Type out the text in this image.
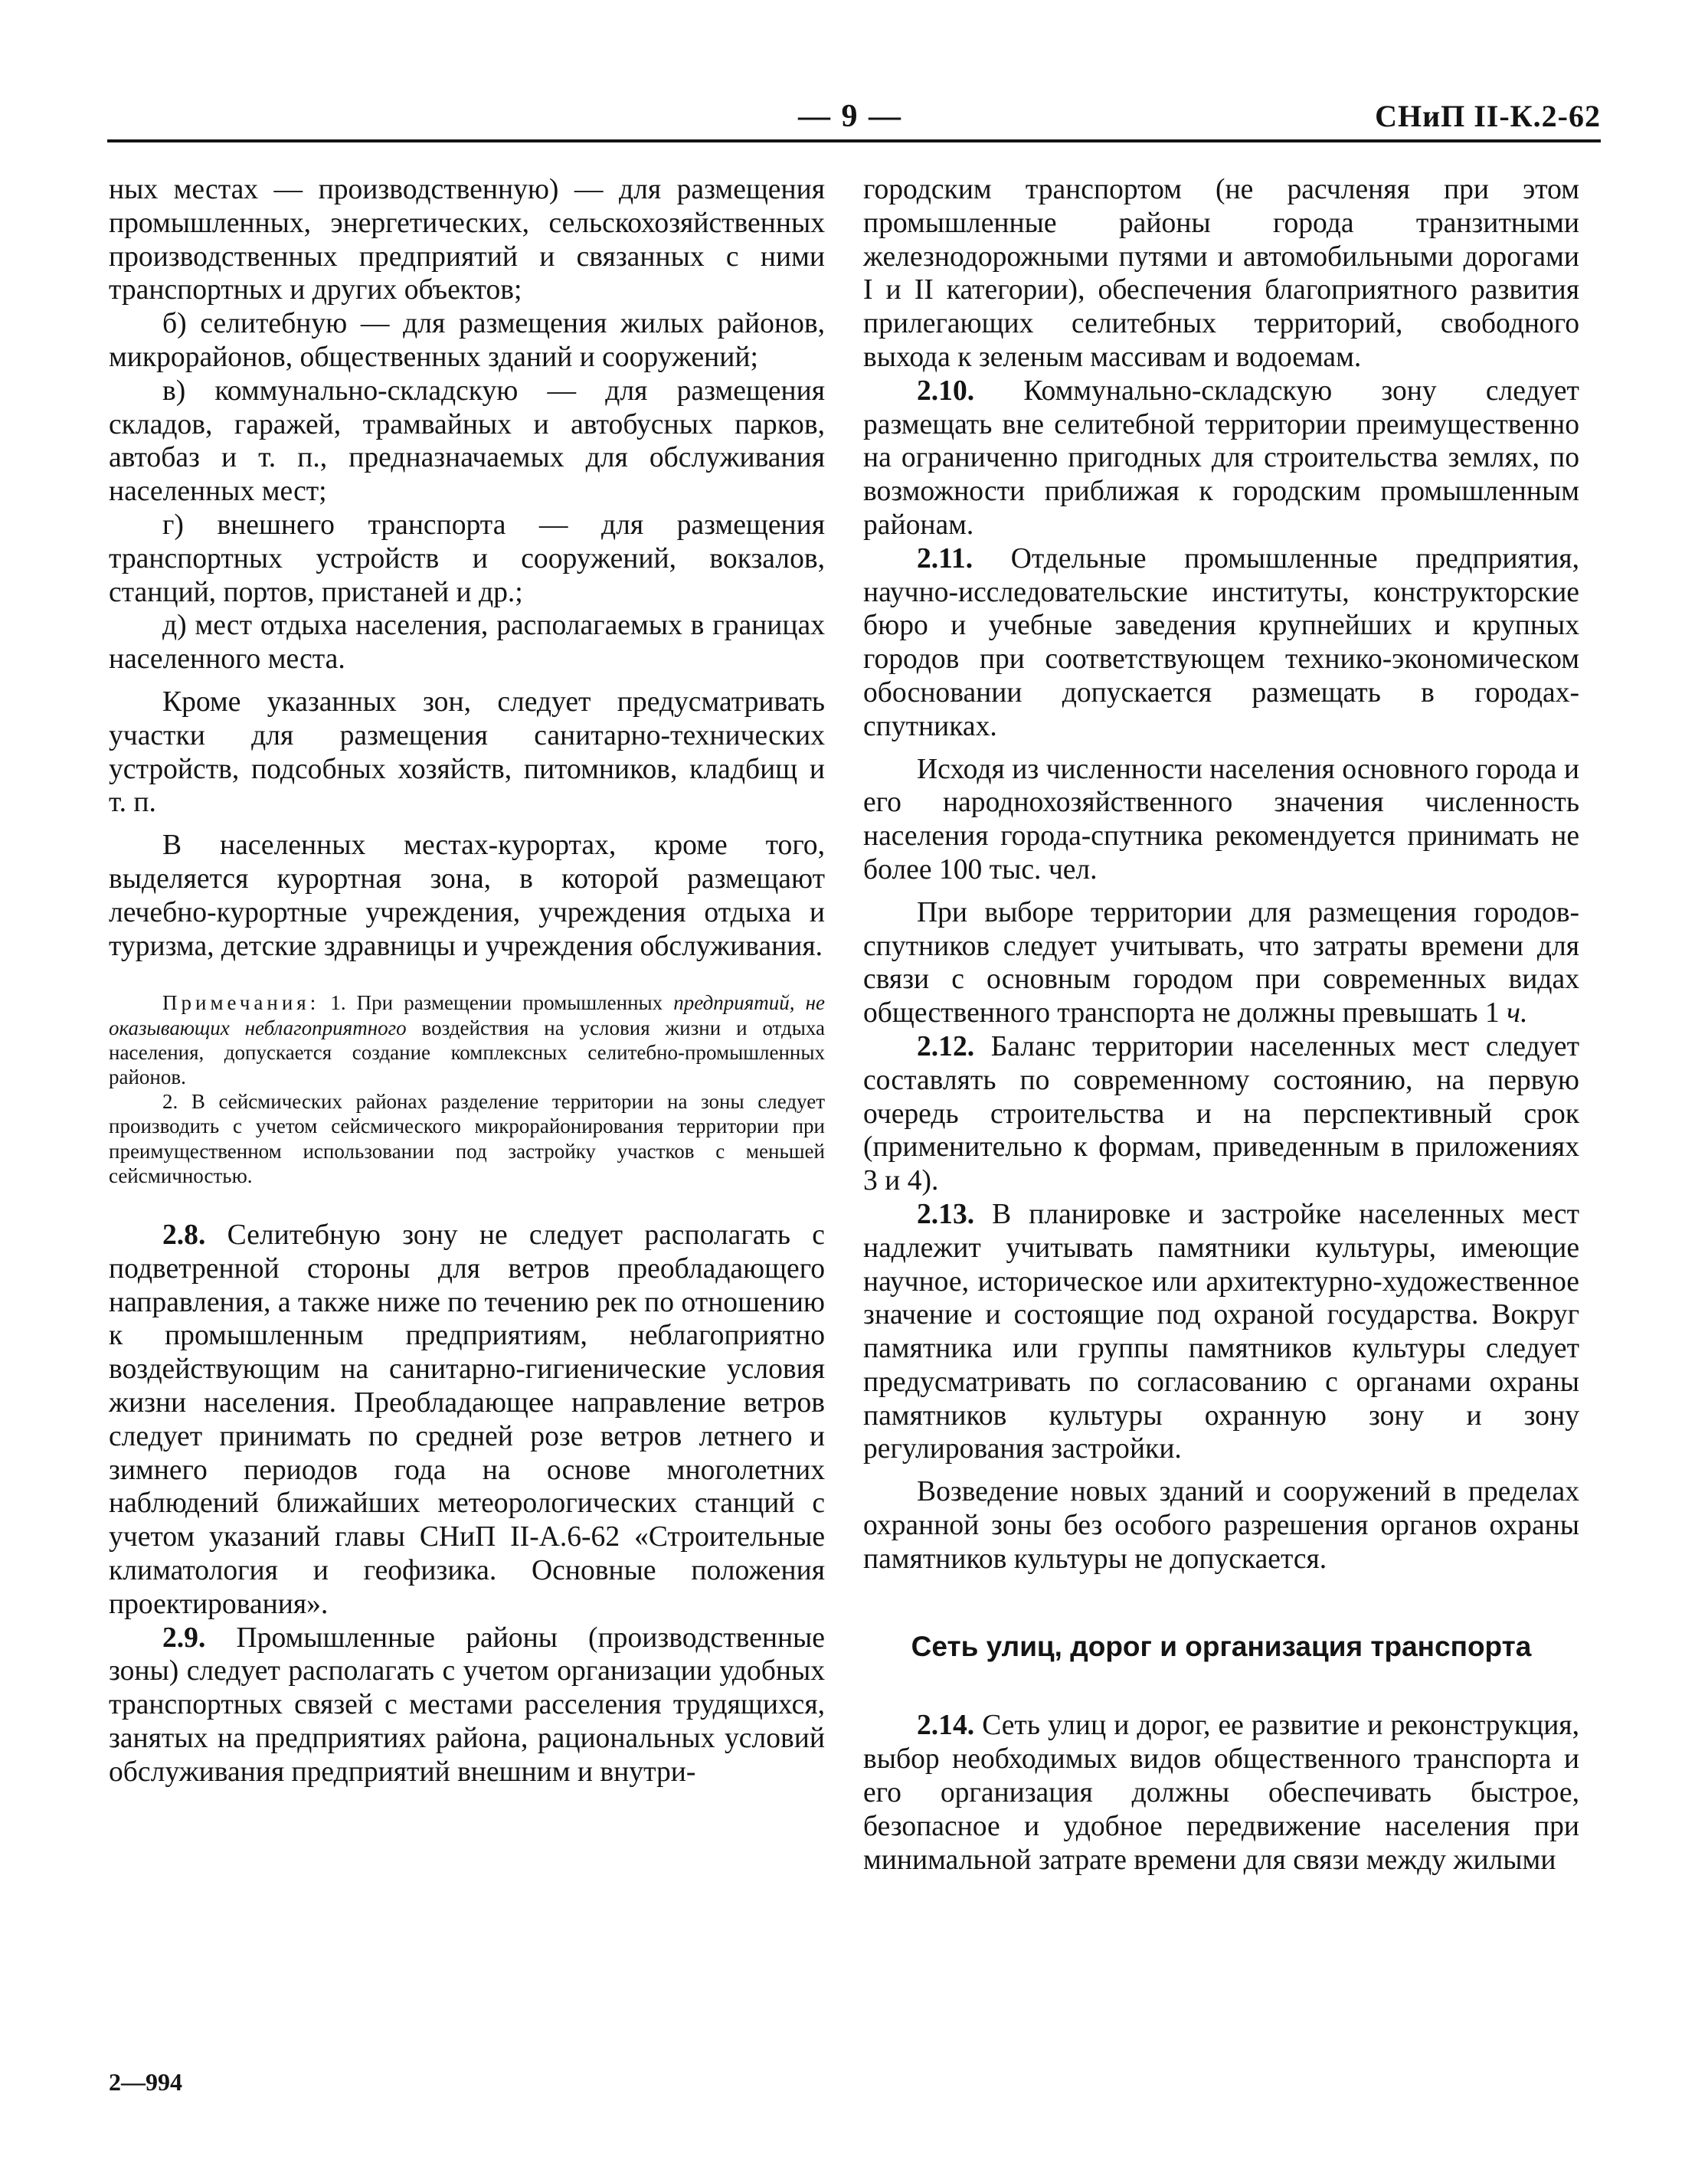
— 9 —	СНиП II-К.2-62

ных местах — производственную) — для размещения промышленных, энергетических, сельскохозяйственных производственных предприятий и связанных с ними транспортных и других объектов;

б) селитебную — для размещения жилых районов, микрорайонов, общественных зданий и сооружений;

в) коммунально-складскую — для размещения складов, гаражей, трамвайных и автобусных парков, автобаз и т. п., предназначаемых для обслуживания населенных мест;

г) внешнего транспорта — для размещения транспортных устройств и сооружений, вокзалов, станций, портов, пристаней и др.;

д) мест отдыха населения, располагаемых в границах населенного места.

Кроме указанных зон, следует предусматривать участки для размещения санитарно-технических устройств, подсобных хозяйств, питомников, кладбищ и т. п.

В населенных местах-курортах, кроме того, выделяется курортная зона, в которой размещают лечебно-курортные учреждения, учреждения отдыха и туризма, детские здравницы и учреждения обслуживания.

Примечания: 1. При размещении промышленных предприятий, не оказывающих неблагоприятного воздействия на условия жизни и отдыха населения, допускается создание комплексных селитебно-промышленных районов.

2. В сейсмических районах разделение территории на зоны следует производить с учетом сейсмического микрорайонирования территории при преимущественном использовании под застройку участков с меньшей сейсмичностью.

2.8. Селитебную зону не следует располагать с подветренной стороны для ветров преобладающего направления, а также ниже по течению рек по отношению к промышленным предприятиям, неблагоприятно воздействующим на санитарно-гигиенические условия жизни населения. Преобладающее направление ветров следует принимать по средней розе ветров летнего и зимнего периодов года на основе многолетних наблюдений ближайших метеорологических станций с учетом указаний главы СНиП II-А.6-62 «Строительные климатология и геофизика. Основные положения проектирования».

2.9. Промышленные районы (производственные зоны) следует располагать с учетом организации удобных транспортных связей с местами расселения трудящихся, занятых на предприятиях района, рациональных условий обслуживания предприятий внешним и внутри-

городским транспортом (не расчленяя при этом промышленные районы города транзитными железнодорожными путями и автомобильными дорогами I и II категории), обеспечения благоприятного развития прилегающих селитебных территорий, свободного выхода к зеленым массивам и водоемам.

2.10. Коммунально-складскую зону следует размещать вне селитебной территории преимущественно на ограниченно пригодных для строительства землях, по возможности приближая к городским промышленным районам.

2.11. Отдельные промышленные предприятия, научно-исследовательские институты, конструкторские бюро и учебные заведения крупнейших и крупных городов при соответствующем технико-экономическом обосновании допускается размещать в городах-спутниках.

Исходя из численности населения основного города и его народнохозяйственного значения численность населения города-спутника рекомендуется принимать не более 100 тыс. чел.

При выборе территории для размещения городов-спутников следует учитывать, что затраты времени для связи с основным городом при современных видах общественного транспорта не должны превышать 1 ч.

2.12. Баланс территории населенных мест следует составлять по современному состоянию, на первую очередь строительства и на перспективный срок (применительно к формам, приведенным в приложениях 3 и 4).

2.13. В планировке и застройке населенных мест надлежит учитывать памятники культуры, имеющие научное, историческое или архитектурно-художественное значение и состоящие под охраной государства. Вокруг памятника или группы памятников культуры следует предусматривать по согласованию с органами охраны памятников культуры охранную зону и зону регулирования застройки.

Возведение новых зданий и сооружений в пределах охранной зоны без особого разрешения органов охраны памятников культуры не допускается.

Сеть улиц, дорог и организация транспорта

2.14. Сеть улиц и дорог, ее развитие и реконструкция, выбор необходимых видов общественного транспорта и его организация должны обеспечивать быстрое, безопасное и удобное передвижение населения при минимальной затрате времени для связи между жилыми

2—994
